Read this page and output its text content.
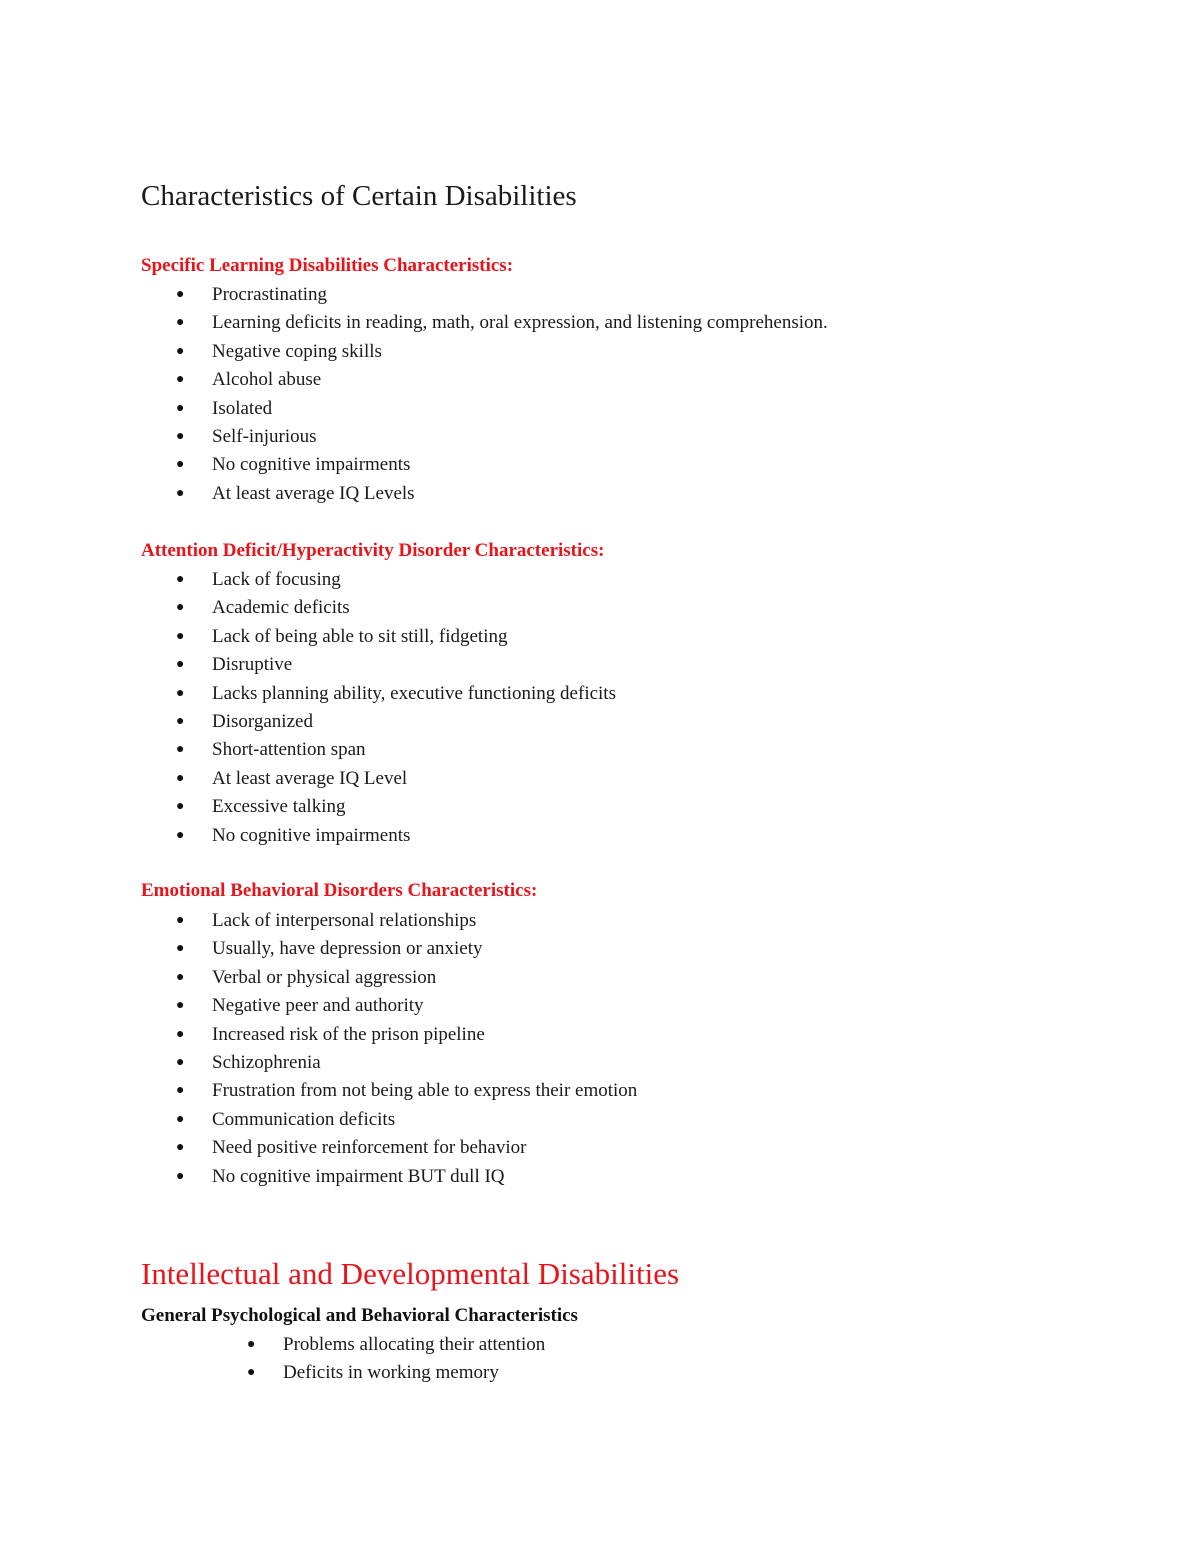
Characteristics of Certain Disabilities
Specific Learning Disabilities Characteristics:
● Procrastinating
● Learning deficits in reading, math, oral expression, and listening comprehension.
● Negative coping skills
● Alcohol abuse
● Isolated
● Self-injurious
● No cognitive impairments
● At least average IQ Levels
Attention Deficit/Hyperactivity Disorder Characteristics:
● Lack of focusing
● Academic deficits
● Lack of being able to sit still, fidgeting
● Disruptive
● Lacks planning ability, executive functioning deficits
● Disorganized
● Short-attention span
● At least average IQ Level
● Excessive talking
● No cognitive impairments
Emotional Behavioral Disorders Characteristics:
● Lack of interpersonal relationships
● Usually, have depression or anxiety
● Verbal or physical aggression
● Negative peer and authority
● Increased risk of the prison pipeline
● Schizophrenia
● Frustration from not being able to express their emotion
● Communication deficits
● Need positive reinforcement for behavior
● No cognitive impairment BUT dull IQ
Intellectual and Developmental Disabilities
General Psychological and Behavioral Characteristics
● Problems allocating their attention
● Deficits in working memory
